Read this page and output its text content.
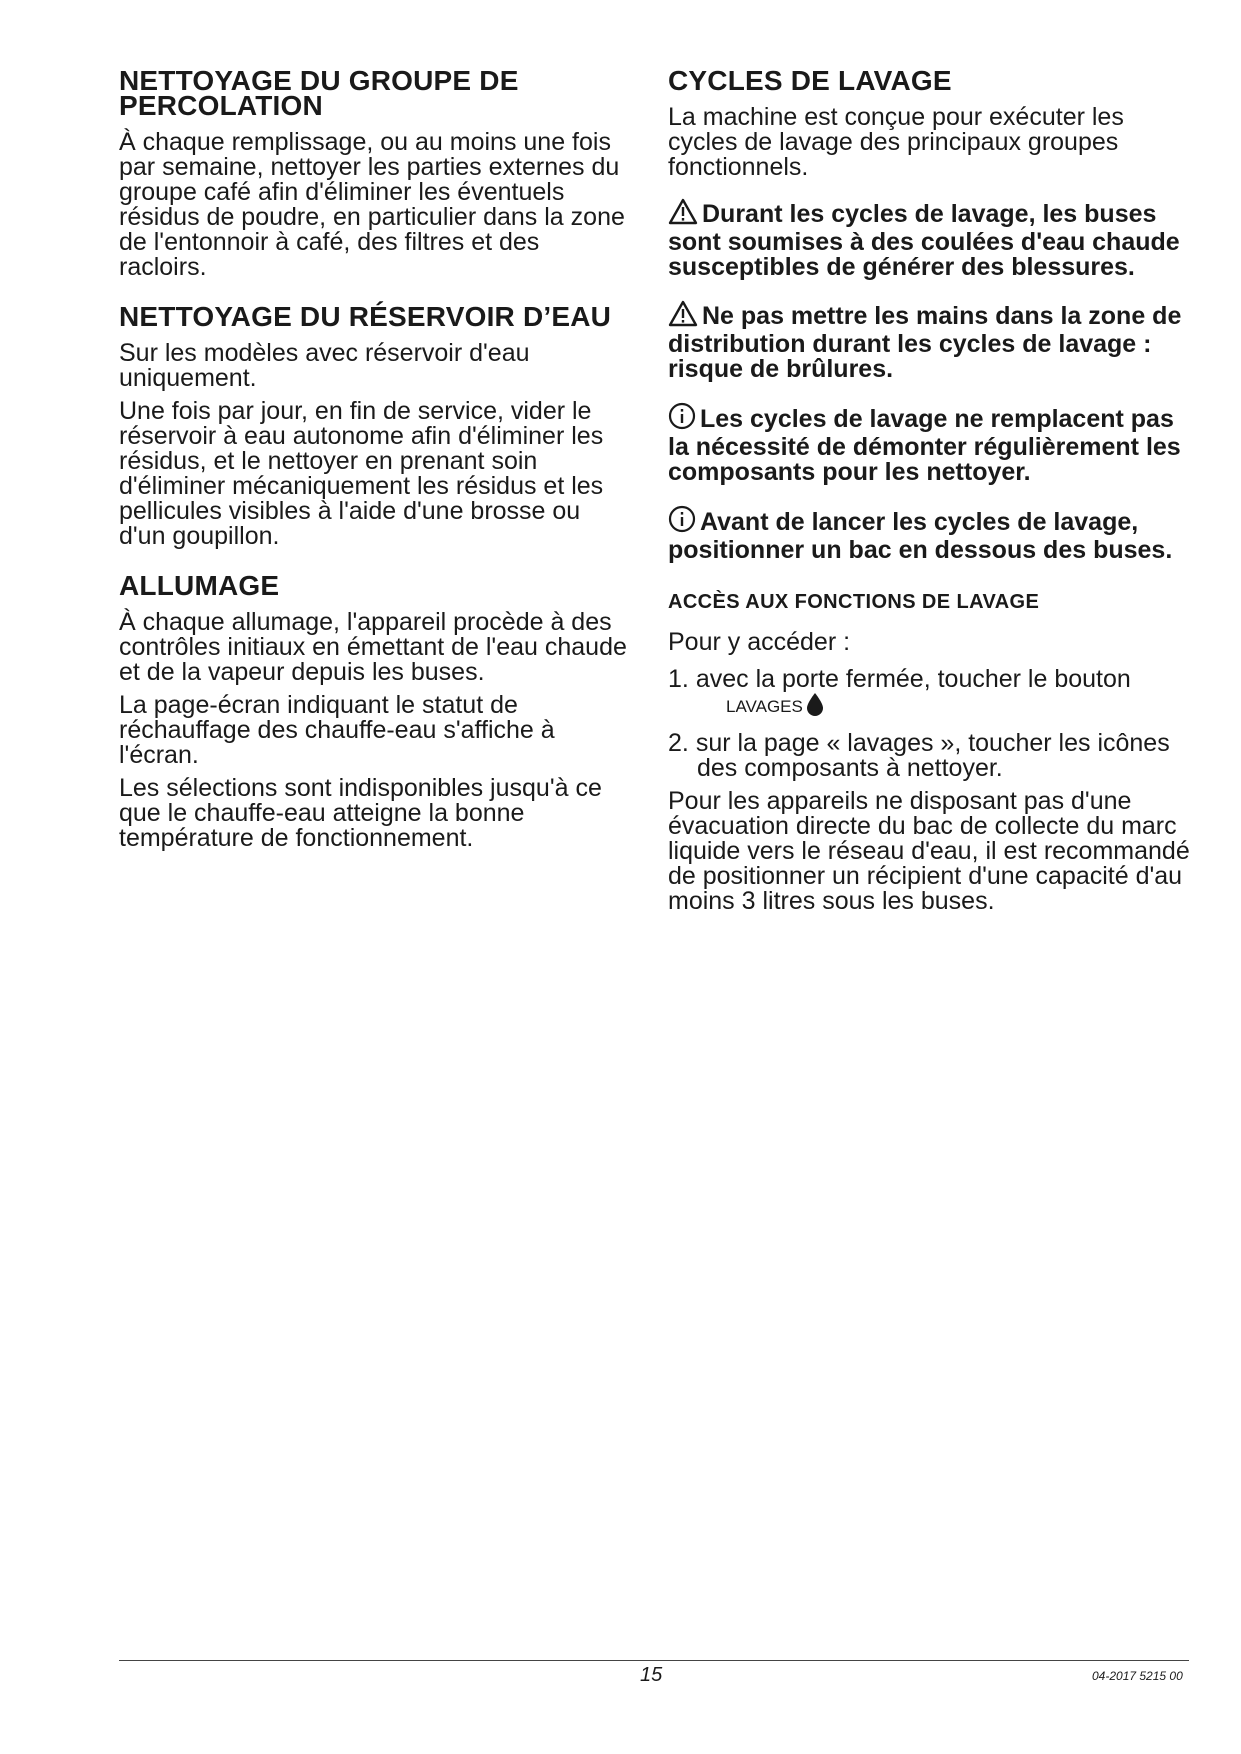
NETTOYAGE DU GROUPE DE PERCOLATION

À chaque remplissage, ou au moins une fois par semaine, nettoyer les parties externes du groupe café afin d'éliminer les éventuels résidus de poudre, en particulier dans la zone de l'entonnoir à café, des filtres et des racloirs.

NETTOYAGE DU RÉSERVOIR D’EAU

Sur les modèles avec réservoir d'eau uniquement.

Une fois par jour, en fin de service, vider le réservoir à eau autonome afin d'éliminer les résidus, et le nettoyer en prenant soin d'éliminer mécaniquement les résidus et les pellicules visibles à l'aide d'une brosse ou d'un goupillon.

ALLUMAGE

À chaque allumage, l'appareil procède à des contrôles initiaux en émettant de l'eau chaude et de la vapeur depuis les buses.

La page-écran indiquant le statut de réchauffage des chauffe-eau s'affiche à l'écran.

Les sélections sont indisponibles jusqu'à ce que le chauffe-eau atteigne la bonne température de fonctionnement.

CYCLES DE LAVAGE

La machine est conçue pour exécuter les cycles de lavage des principaux groupes fonctionnels.

Durant les cycles de lavage, les buses sont soumises à des coulées d'eau chaude susceptibles de générer des blessures.
Ne pas mettre les mains dans la zone de distribution durant les cycles de lavage : risque de brûlures.
Les cycles de lavage ne remplacent pas la nécessité de démonter régulièrement les composants pour les nettoyer.
Avant de lancer les cycles de lavage, positionner un bac en dessous des buses.
ACCÈS AUX FONCTIONS DE LAVAGE

Pour y accéder :

1. avec la porte fermée, toucher le bouton
LAVAGES
2. sur la page « lavages », toucher les icônes des composants à nettoyer.

Pour les appareils ne disposant pas d'une évacuation directe du bac de collecte du marc liquide vers le réseau d'eau, il est recommandé de positionner un récipient d'une capacité d'au moins 3 litres sous les buses.

15	04-2017 5215 00
